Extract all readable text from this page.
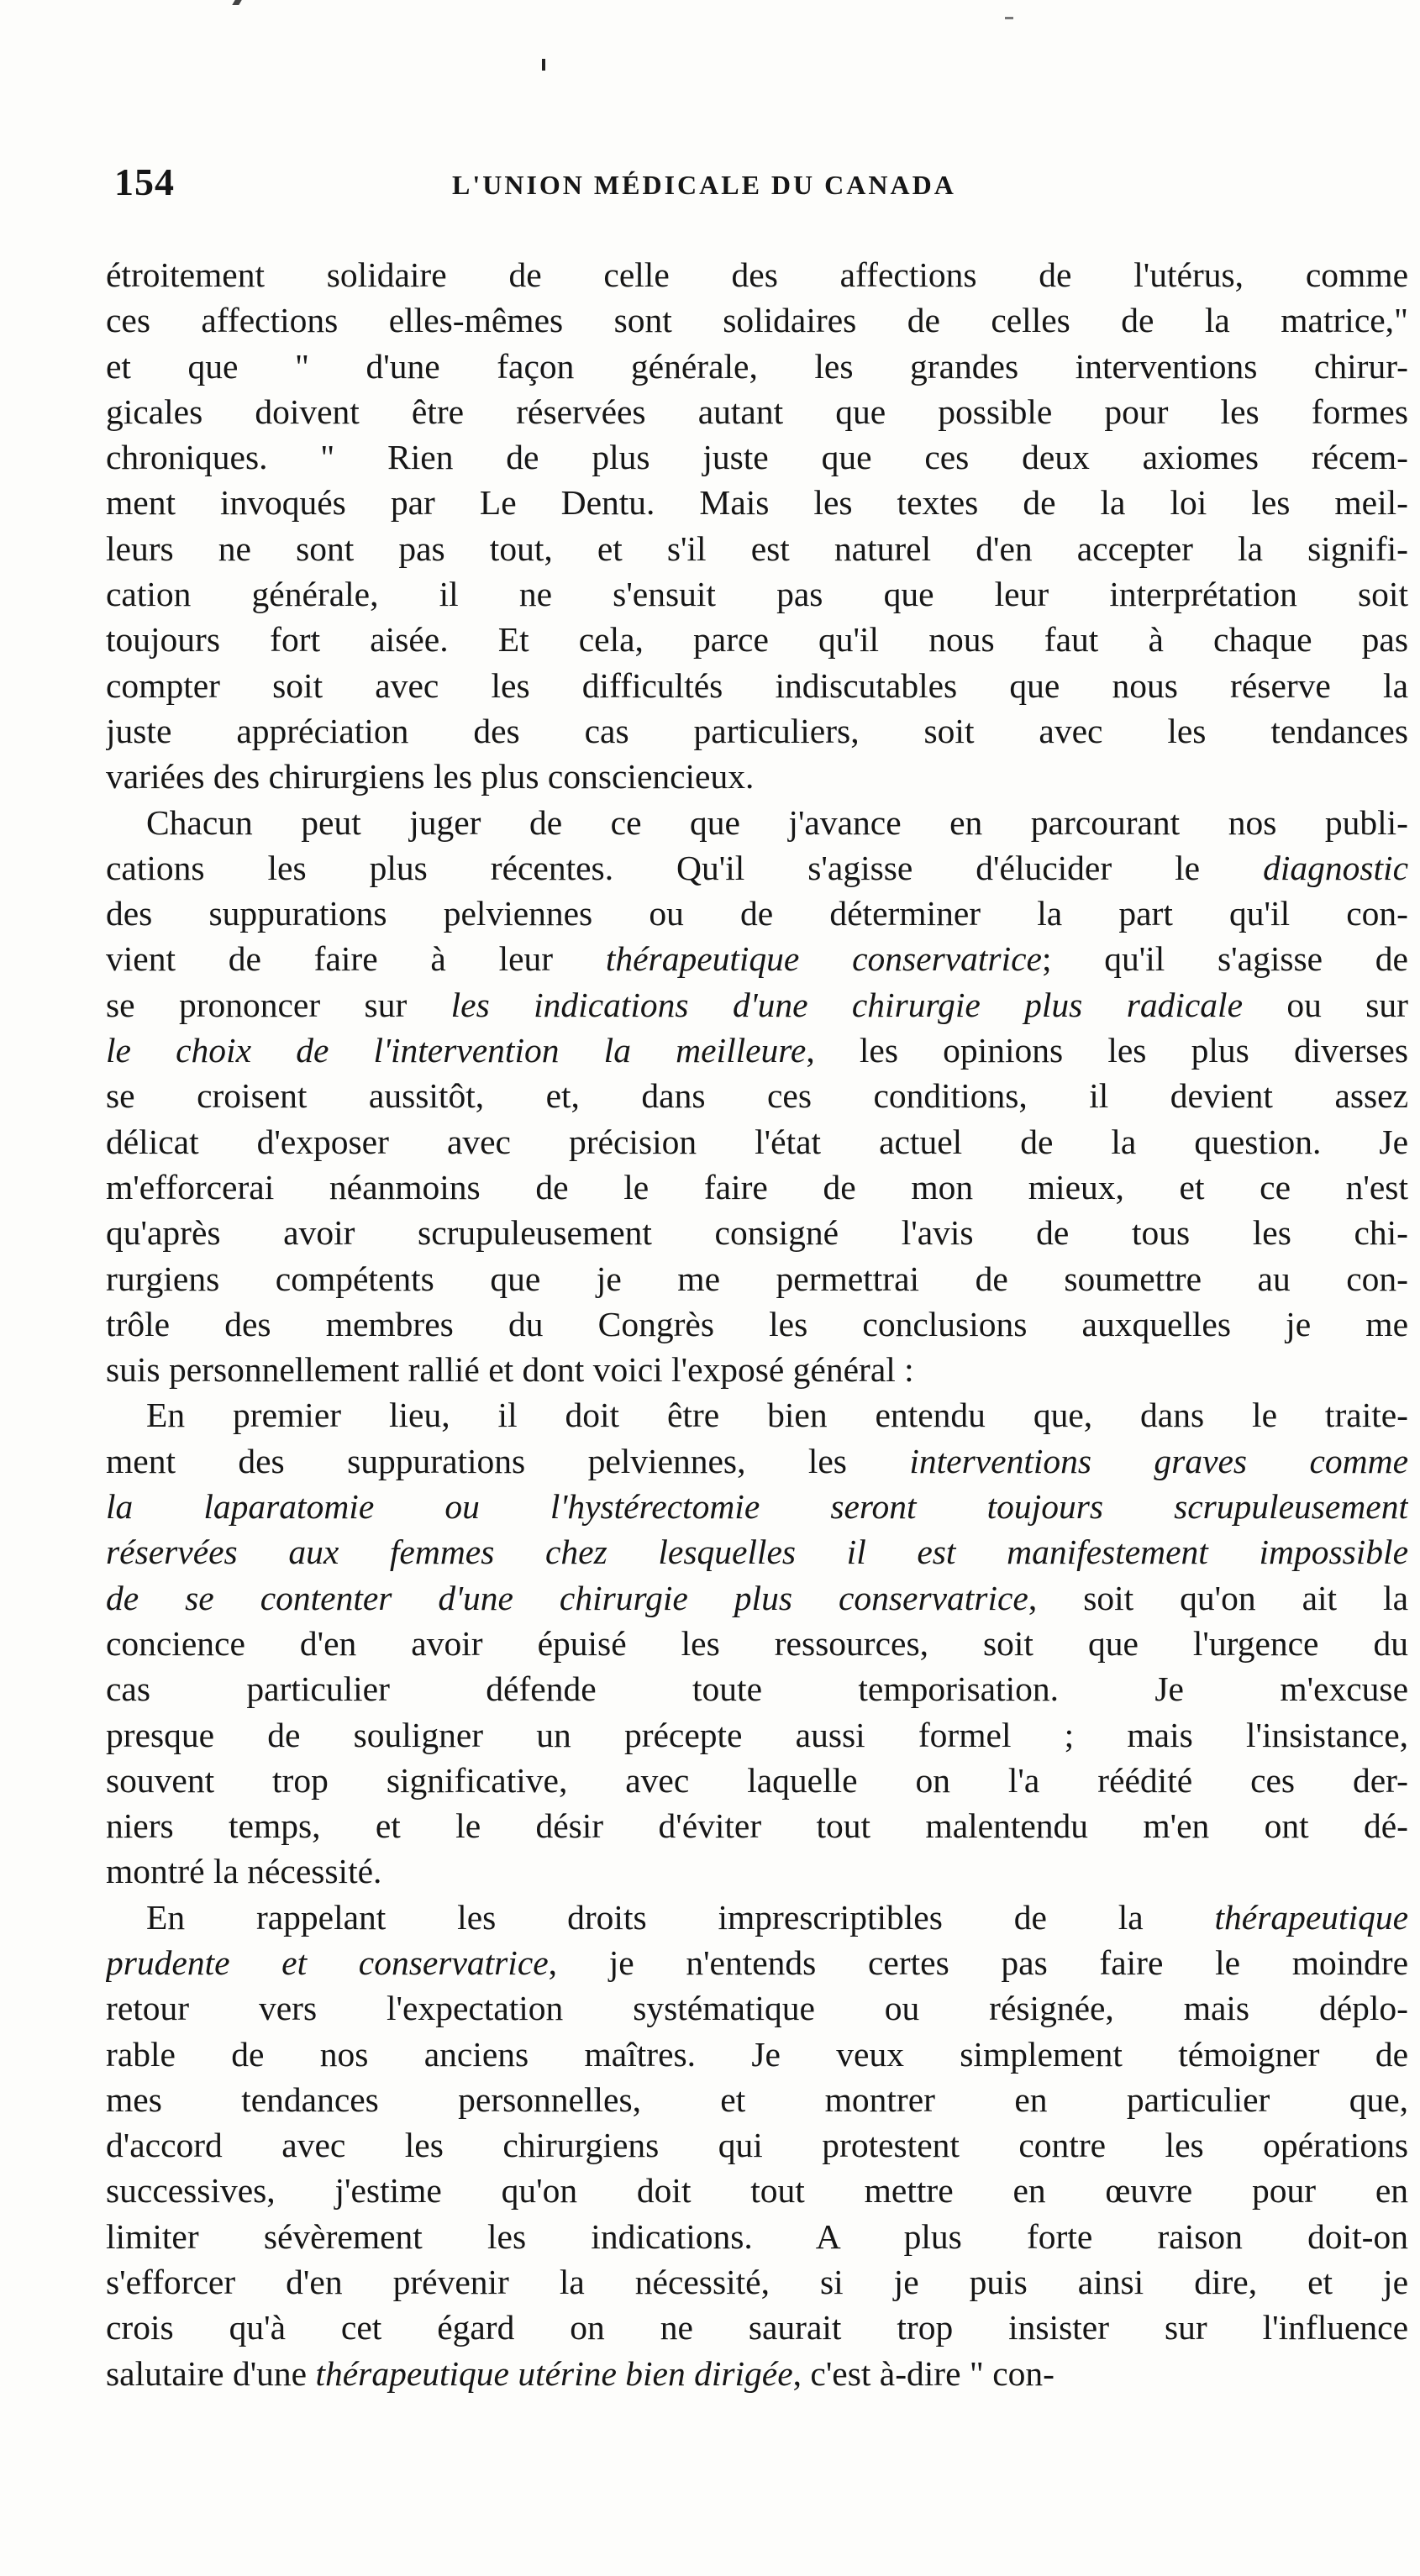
154	L'UNION MÉDICALE DU CANADA
étroitement solidaire de celle des affections de l'utérus, comme
ces affections elles-mêmes sont solidaires de celles de la matrice,"
et que " d'une façon générale, les grandes interventions chirur-
gicales doivent être réservées autant que possible pour les formes
chroniques. " Rien de plus juste que ces deux axiomes récem-
ment invoqués par Le Dentu. Mais les textes de la loi les meil-
leurs ne sont pas tout, et s'il est naturel d'en accepter la signifi-
cation générale, il ne s'ensuit pas que leur interprétation soit
toujours fort aisée. Et cela, parce qu'il nous faut à chaque pas
compter soit avec les difficultés indiscutables que nous réserve la
juste appréciation des cas particuliers, soit avec les tendances
variées des chirurgiens les plus consciencieux.
Chacun peut juger de ce que j'avance en parcourant nos publi-
cations les plus récentes. Qu'il s'agisse d'élucider le diagnostic
des suppurations pelviennes ou de déterminer la part qu'il con-
vient de faire à leur thérapeutique conservatrice; qu'il s'agisse de
se prononcer sur les indications d'une chirurgie plus radicale ou sur
le choix de l'intervention la meilleure, les opinions les plus diverses
se croisent aussitôt, et, dans ces conditions, il devient assez
délicat d'exposer avec précision l'état actuel de la question. Je
m'efforcerai néanmoins de le faire de mon mieux, et ce n'est
qu'après avoir scrupuleusement consigné l'avis de tous les chi-
rurgiens compétents que je me permettrai de soumettre au con-
trôle des membres du Congrès les conclusions auxquelles je me
suis personnellement rallié et dont voici l'exposé général :
En premier lieu, il doit être bien entendu que, dans le traite-
ment des suppurations pelviennes, les interventions graves comme
la laparatomie ou l'hystérectomie seront toujours scrupuleusement
réservées aux femmes chez lesquelles il est manifestement impossible
de se contenter d'une chirurgie plus conservatrice, soit qu'on ait la
concience d'en avoir épuisé les ressources, soit que l'urgence du
cas particulier défende toute temporisation. Je m'excuse
presque de souligner un précepte aussi formel ; mais l'insistance,
souvent trop significative, avec laquelle on l'a réédité ces der-
niers temps, et le désir d'éviter tout malentendu m'en ont dé-
montré la nécessité.
En rappelant les droits imprescriptibles de la thérapeutique
prudente et conservatrice, je n'entends certes pas faire le moindre
retour vers l'expectation systématique ou résignée, mais déplo-
rable de nos anciens maîtres. Je veux simplement témoigner de
mes tendances personnelles, et montrer en particulier que,
d'accord avec les chirurgiens qui protestent contre les opérations
successives, j'estime qu'on doit tout mettre en œuvre pour en
limiter sévèrement les indications. A plus forte raison doit-on
s'efforcer d'en prévenir la nécessité, si je puis ainsi dire, et je
crois qu'à cet égard on ne saurait trop insister sur l'influence
salutaire d'une thérapeutique utérine bien dirigée, c'est à-dire " con-
